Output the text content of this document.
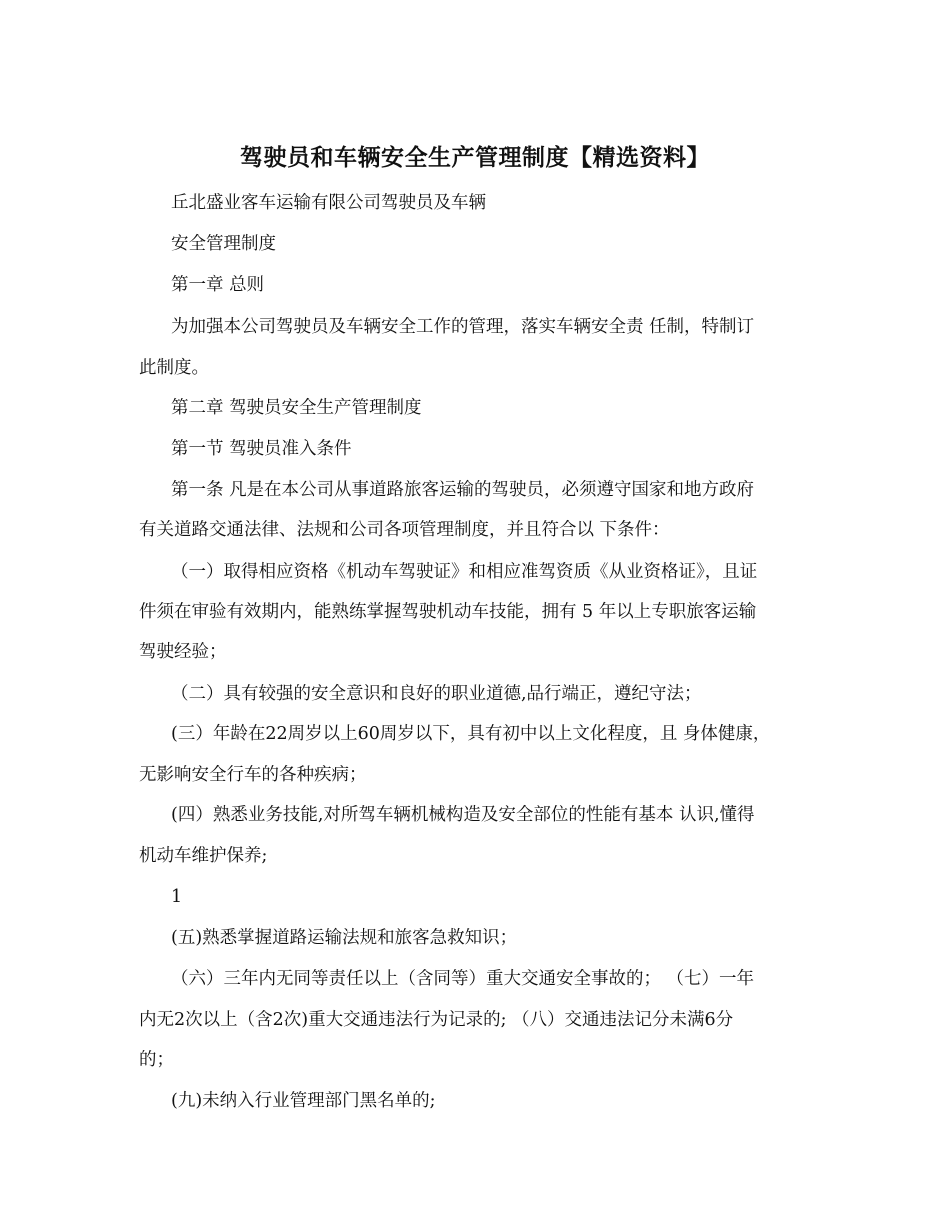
驾驶员和车辆安全生产管理制度【精选资料】
丘北盛业客车运输有限公司驾驶员及车辆
安全管理制度
第一章 总则
为加强本公司驾驶员及车辆安全工作的管理，落实车辆安全责 任制，特制订
此制度。
第二章 驾驶员安全生产管理制度
第一节 驾驶员准入条件
第一条 凡是在本公司从事道路旅客运输的驾驶员，必须遵守国家和地方政府
有关道路交通法律、法规和公司各项管理制度，并且符合以 下条件：
（一）取得相应资格《机动车驾驶证》和相应准驾资质《从业资格证》，且证
件须在审验有效期内，能熟练掌握驾驶机动车技能，拥有 5 年以上专职旅客运输
驾驶经验；
（二）具有较强的安全意识和良好的职业道德,品行端正，遵纪守法；
(三）年龄在22周岁以上60周岁以下，具有初中以上文化程度，且 身体健康，
无影响安全行车的各种疾病；
(四）熟悉业务技能,对所驾车辆机械构造及安全部位的性能有基本 认识,懂得
机动车维护保养;
1
(五)熟悉掌握道路运输法规和旅客急救知识；
（六）三年内无同等责任以上（含同等）重大交通安全事故的； （七）一年
内无2次以上（含2次)重大交通违法行为记录的; （八）交通违法记分未满6分
的；
(九)未纳入行业管理部门黑名单的;
